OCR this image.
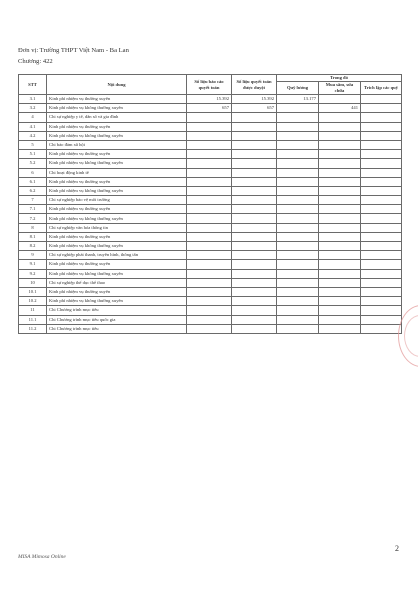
Đơn vị: Trường THPT Việt Nam - Ba Lan
Chương: 422
STT	Nội dung	Số liệu báo cáo quyết toán	Số liệu quyết toán được duyệt	Trong đó		
				Quỹ lương	Mua sắm, sửa chữa	Trích lập các quỹ
3.1	Kinh phí nhiệm vụ thường xuyên	15.392	15.392	13.177		
3.2	Kinh phí nhiệm vụ không thường xuyên	657	657		441	
4	Chi sự nghiệp y tế, dân số và gia đình					
4.1	Kinh phí nhiệm vụ thường xuyên					
4.2	Kinh phí nhiệm vụ không thường xuyên					
5	Chi bảo đảm xã hội					
5.1	Kinh phí nhiệm vụ thường xuyên					
5.2	Kinh phí nhiệm vụ không thường xuyên					
6	Chi hoạt động kinh tế					
6.1	Kinh phí nhiệm vụ thường xuyên					
6.2	Kinh phí nhiệm vụ không thường xuyên					
7	Chi sự nghiệp bảo vệ môi trường					
7.1	Kinh phí nhiệm vụ thường xuyên					
7.2	Kinh phí nhiệm vụ không thường xuyên					
8	Chi sự nghiệp văn hóa thông tin					
8.1	Kinh phí nhiệm vụ thường xuyên					
8.2	Kinh phí nhiệm vụ không thường xuyên					
9	Chi sự nghiệp phát thanh, truyền hình, thông tấn					
9.1	Kinh phí nhiệm vụ thường xuyên					
9.2	Kinh phí nhiệm vụ không thường xuyên					
10	Chi sự nghiệp thể dục thể thao					
10.1	Kinh phí nhiệm vụ thường xuyên					
10.2	Kinh phí nhiệm vụ không thường xuyên					
11	Chi Chương trình mục tiêu					
11.1	Chi Chương trình mục tiêu quốc gia					
11.2	Chi Chương trình mục tiêu					
MISA Mimosa Online
2
